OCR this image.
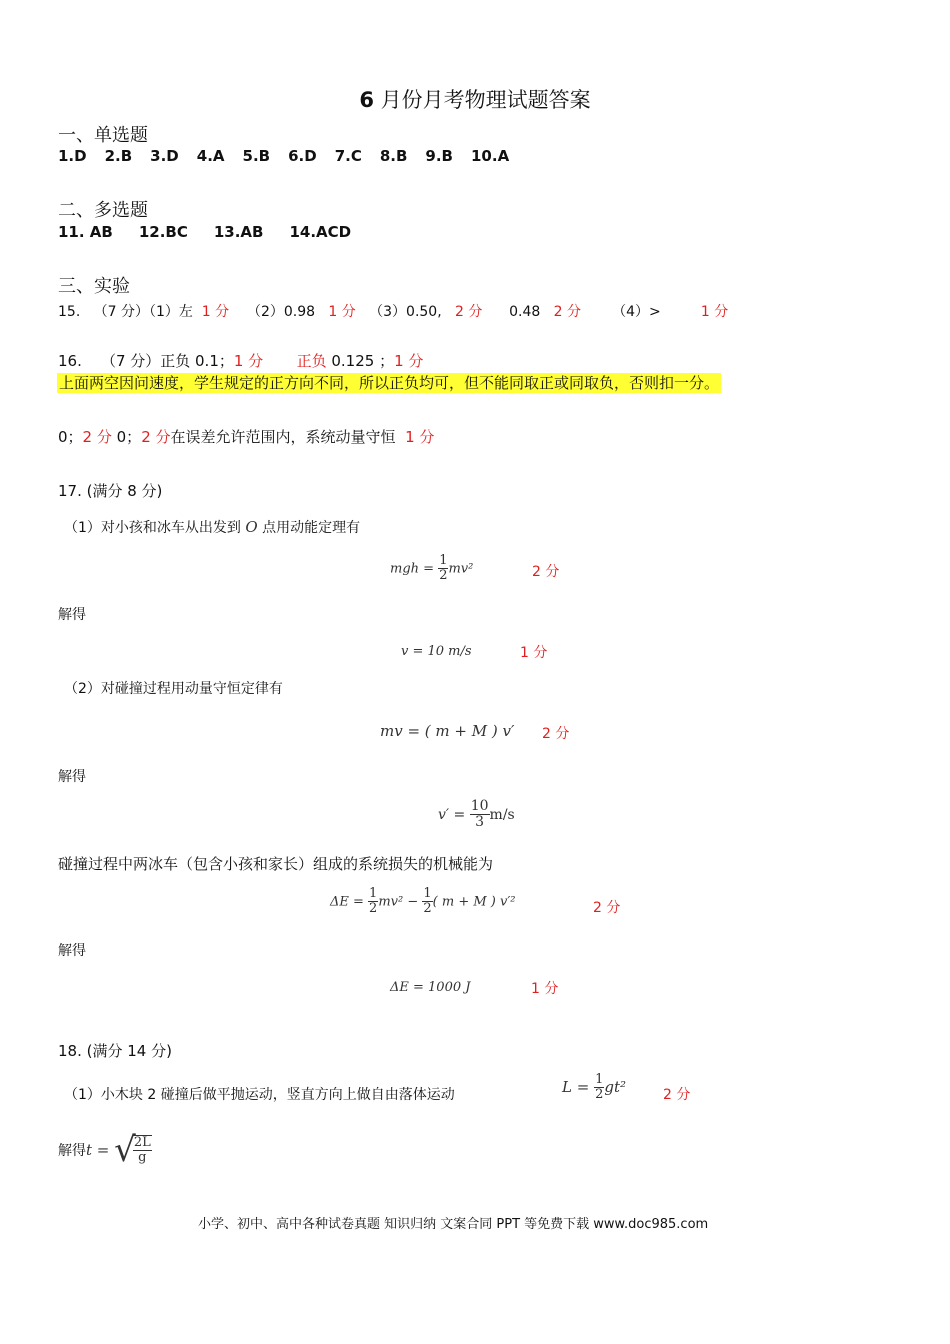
6 月份月考物理试题答案
一、单选题
1.D 2.B 3.D 4.A 5.B 6.D 7.C 8.B 9.B 10.A
二、多选题
11. AB 12.BC 13.AB 14.ACD
三、实验
15. （7 分）（1）左 1 分 （2）0.98 1 分 （3）0.50, 2 分 0.48 2 分 （4）>	1 分
16. （7 分）正负 0.1；1 分 正负 0.125 ；1 分
上面两空因问速度，学生规定的正方向不同，所以正负均可，但不能同取正或同取负，否则扣一分。
0；2 分 0；2 分在误差允许范围内，系统动量守恒 1 分
17. (满分 8 分)
（1）对小孩和冰车从出发到 O 点用动能定理有
mgh = $\frac{1}{2} mv^2$	2 分
解得
v = 10 m/s	1 分
（2）对碰撞过程用动量守恒定律有
mv = ( m + M ) v′ 2 分
解得
$v' = \frac{10}{3} m/s$
碰撞过程中两冰车（包含小孩和家长）组成的系统损失的机械能为
$\Delta E = \frac{1}{2} mv^2 - \frac{1}{2}$ ( m + M ) v′²	2 分
解得
ΔE = 1000 J	1 分
18. (满分 14 分)
（1）小木块 2 碰撞后做平抛运动，竖直方向上做自由落体运动	$L = \frac{1}{2} gt^2$	2 分
解得t = √
$\frac{2L}{g}$
小学、初中、高中各种试卷真题 知识归纳 文案合同 PPT 等免费下载 www.doc985.com
